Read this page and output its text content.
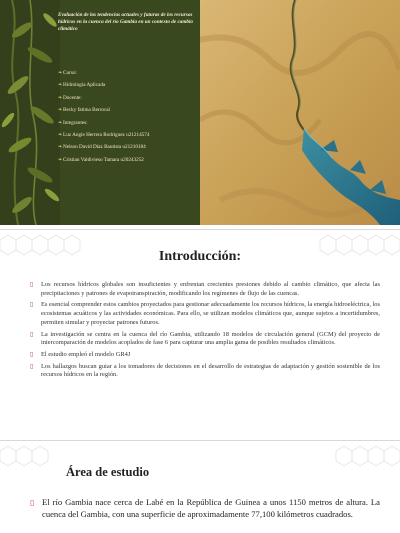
Evaluación de las tendencias actuales y futuras de los recursos hídricos en la cuenca del río Gambia en un contexto de cambio climático
❧Curso:
❧Hidrología Aplicada
❧Docente:
❧Becky fatima Berrocal
❧Integrantes:
❧Luz Angie Herrera Rodriguez u21214574
❧Nelson David Díaz Bautista u21210184
❧Cristian Valdivieso Tamara u20243252
Introducción:
▯ Los recursos hídricos globales son insuficientes y enfrentan crecientes presiones debido al cambio climático, que afecta las precipitaciones y patrones de evapotranspiración, modificando los regímenes de flujo de las cuencas.
▯ Es esencial comprender estos cambios proyectados para gestionar adecuadamente los recursos hídricos, la energía hidroeléctrica, los ecosistemas acuáticos y las actividades económicas. Para ello, se utilizan modelos climáticos que, aunque sujetos a incertidumbres, permiten simular y proyectar patrones futuros.
▯ La investigación se centra en la cuenca del río Gambia, utilizando 18 modelos de circulación general (GCM) del proyecto de intercomparación de modelos acoplados de fase 6 para capturar una amplia gama de posibles resultados climáticos.
▯ El estudio empleó el modelo GR4J
▯ Los hallazgos buscan guiar a los tomadores de decisiones en el desarrollo de estrategias de adaptación y gestión sostenible de los recursos hídricos en la región.
Área de estudio
▯ El río Gambia nace cerca de Labé en la República de Guinea a unos 1150 metros de altura. La cuenca del Gambia, con una superficie de aproximadamente 77,100 kilómetros cuadrados.
